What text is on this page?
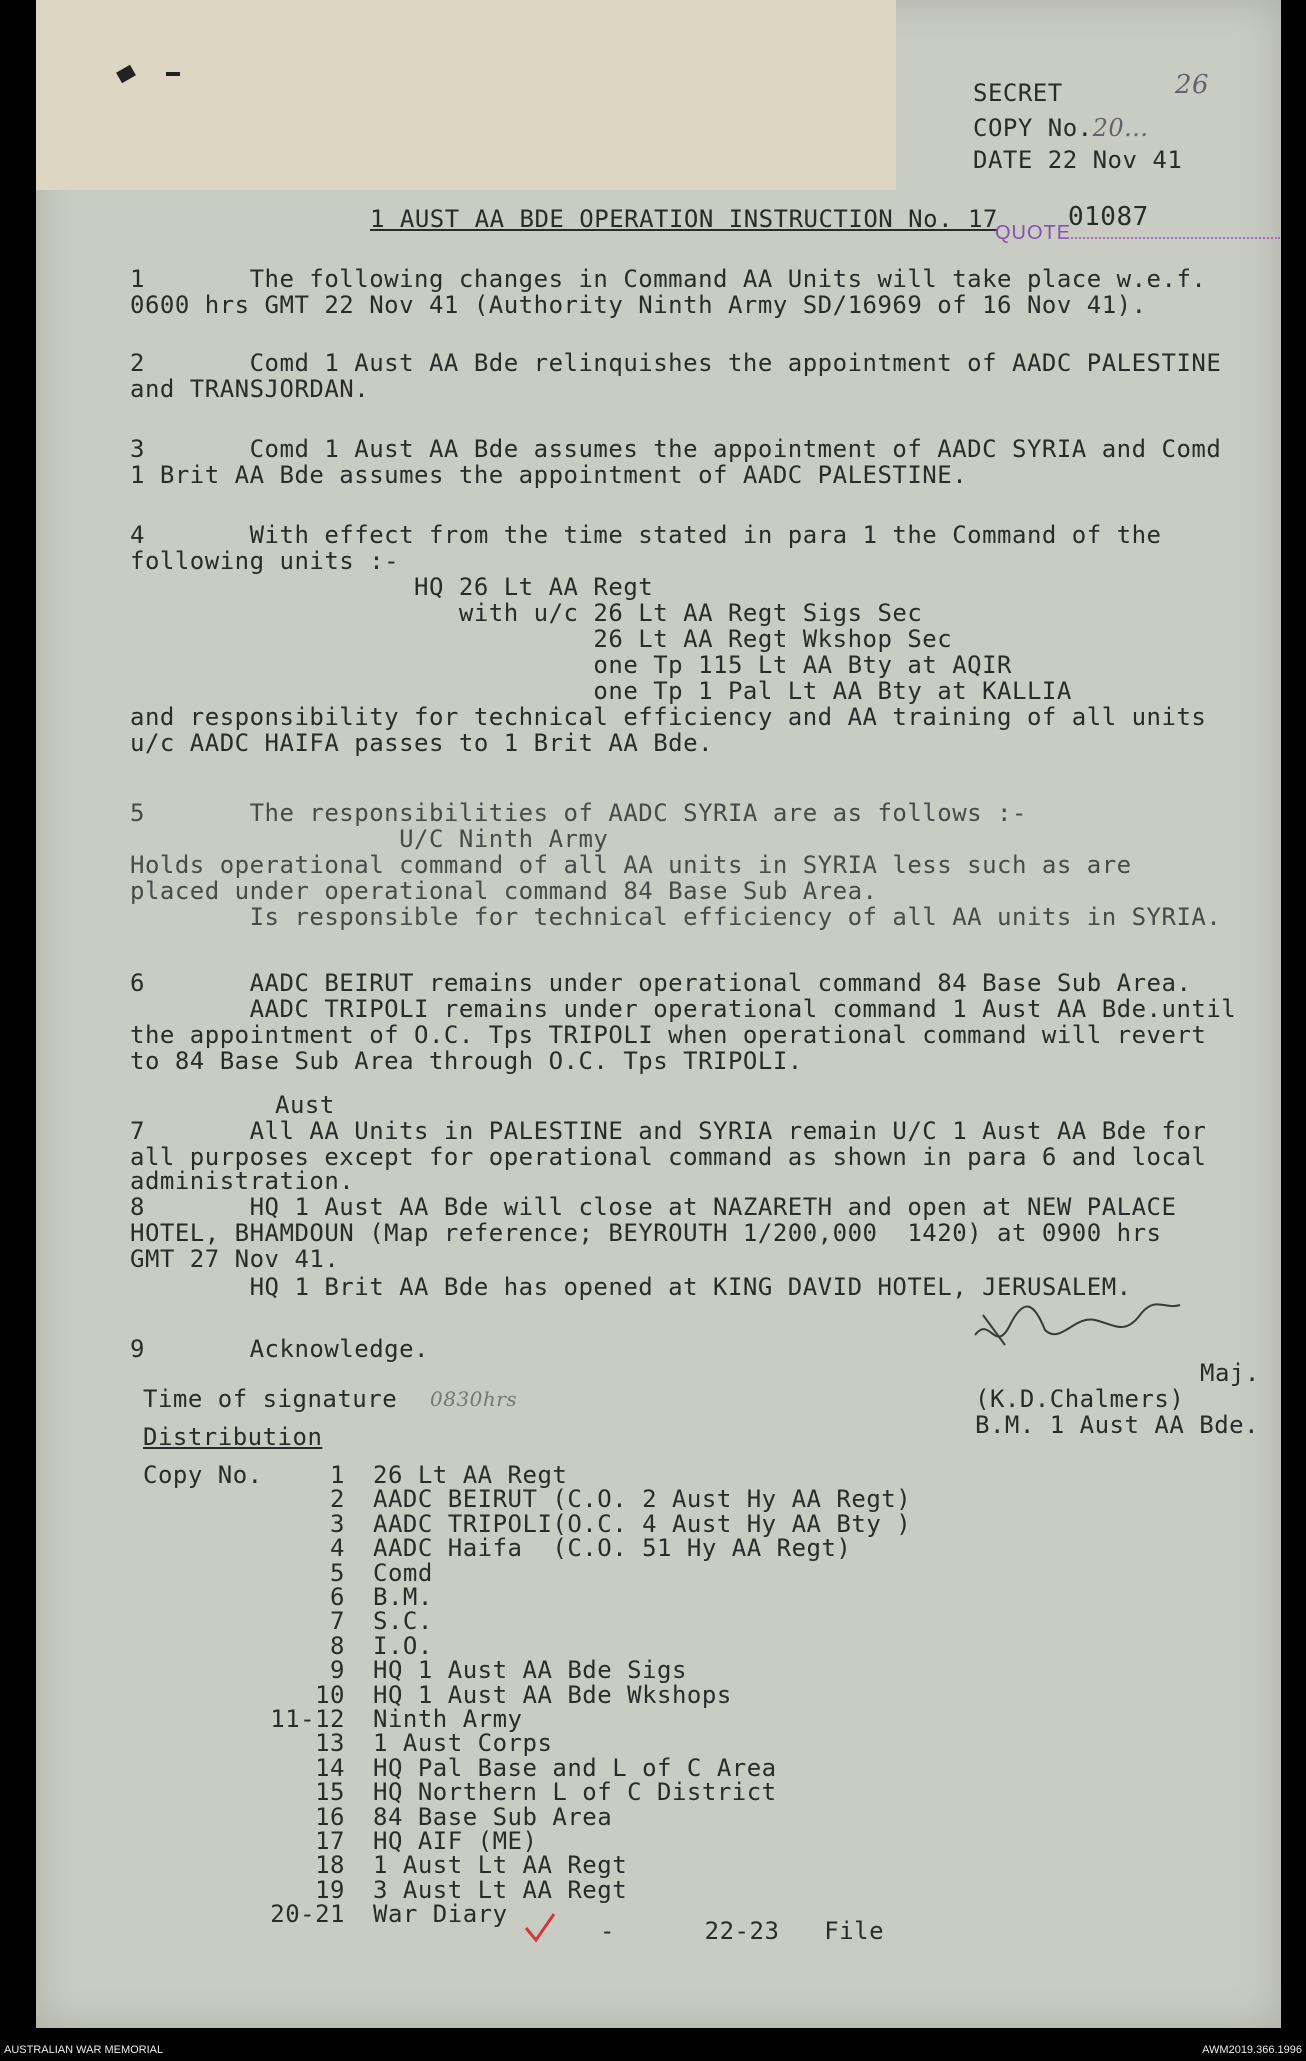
SECRET	26
COPY No.20...
DATE 22 Nov 41
1 AUST AA BDE OPERATION INSTRUCTION No. 17	01087
QUOTE
1       The following changes in Command AA Units will take place w.e.f.
0600 hrs GMT 22 Nov 41 (Authority Ninth Army SD/16969 of 16 Nov 41).
2       Comd 1 Aust AA Bde relinquishes the appointment of AADC PALESTINE
and TRANSJORDAN.
3       Comd 1 Aust AA Bde assumes the appointment of AADC SYRIA and Comd
1 Brit AA Bde assumes the appointment of AADC PALESTINE.
4       With effect from the time stated in para 1 the Command of the
following units :-
HQ 26 Lt AA Regt
with u/c 26 Lt AA Regt Sigs Sec
26 Lt AA Regt Wkshop Sec
one Tp 115 Lt AA Bty at AQIR
one Tp 1 Pal Lt AA Bty at KALLIA
and responsibility for technical efficiency and AA training of all units
u/c AADC HAIFA passes to 1 Brit AA Bde.
5       The responsibilities of AADC SYRIA are as follows :-
U/C Ninth Army
Holds operational command of all AA units in SYRIA less such as are
placed under operational command 84 Base Sub Area.
Is responsible for technical efficiency of all AA units in SYRIA.
6       AADC BEIRUT remains under operational command 84 Base Sub Area.
AADC TRIPOLI remains under operational command 1 Aust AA Bde.until
the appointment of O.C. Tps TRIPOLI when operational command will revert
to 84 Base Sub Area through O.C. Tps TRIPOLI.
Aust
7       All AA Units in PALESTINE and SYRIA remain U/C 1 Aust AA Bde for
all purposes except for operational command as shown in para 6 and local
administration.
8       HQ 1 Aust AA Bde will close at NAZARETH and open at NEW PALACE
HOTEL, BHAMDOUN (Map reference; BEYROUTH 1/200,000  1420) at 0900 hrs
GMT 27 Nov 41.
HQ 1 Brit AA Bde has opened at KING DAVID HOTEL, JERUSALEM.
9       Acknowledge.
Maj.
(K.D.Chalmers)
B.M. 1 Aust AA Bde.
Time of signature 0830hrs
Distribution
Copy No.	1 26 Lt AA Regt
2 AADC BEIRUT (C.O. 2 Aust Hy AA Regt)
3 AADC TRIPOLI(O.C. 4 Aust Hy AA Bty )
4 AADC Haifa  (C.O. 51 Hy AA Regt)
5 Comd
6 B.M.
7 S.C.
8 I.O.
9 HQ 1 Aust AA Bde Sigs
10 HQ 1 Aust AA Bde Wkshops
11-12 Ninth Army
13 1 Aust Corps
14 HQ Pal Base and L of C Area
15 HQ Northern L of C District
16 84 Base Sub Area
17 HQ AIF (ME)
18 1 Aust Lt AA Regt
19 3 Aust Lt AA Regt
20-21 War Diary
-      22-23   File
AUSTRALIAN WAR MEMORIAL	AWM2019.366.1996
